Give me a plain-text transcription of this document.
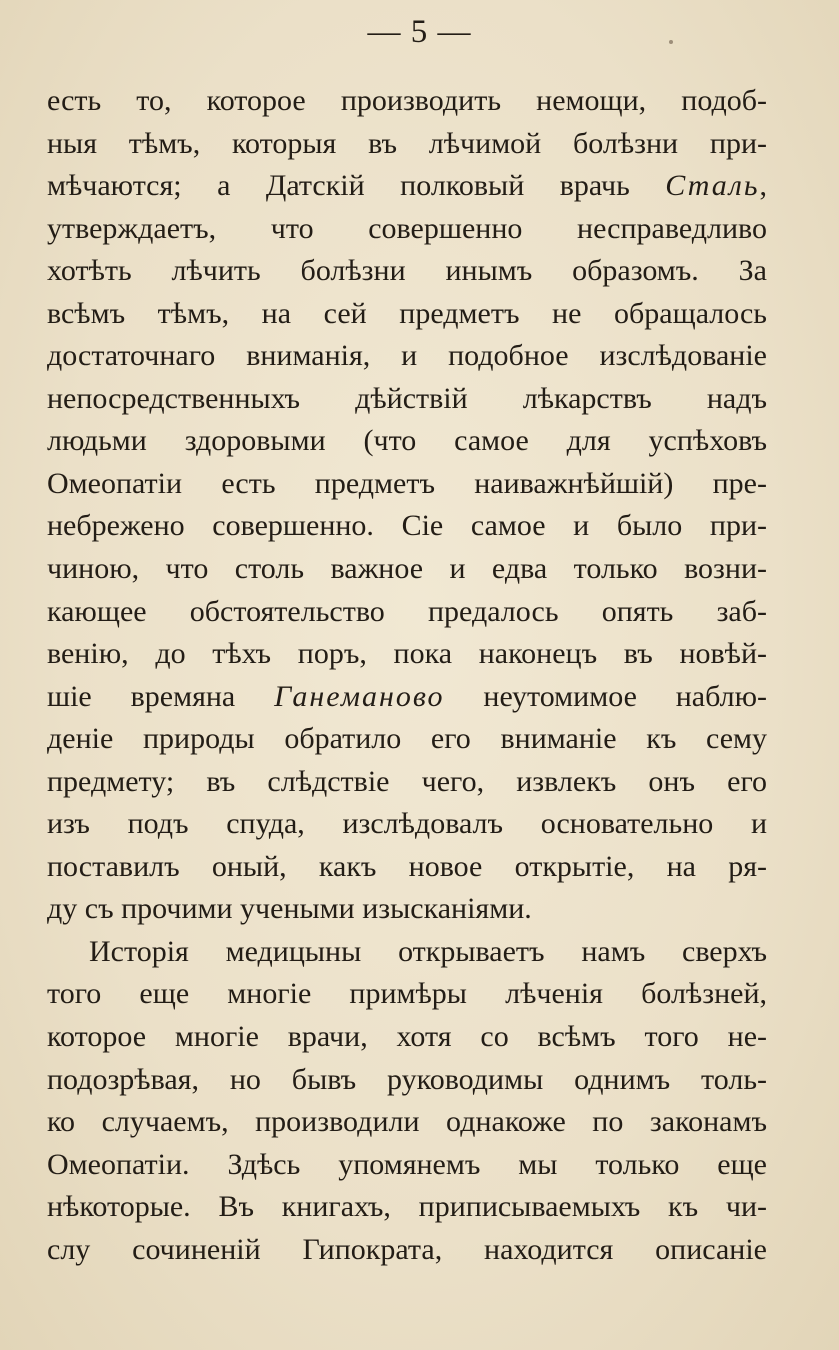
— 5 —
есть то, которое производить немощи, подоб-
ныя тѣмъ, которыя въ лѣчимой болѣзни при-
мѣчаются; а Датскій полковый врачь Сталь,
утверждаетъ, что совершенно несправедливо
хотѣть лѣчить болѣзни инымъ образомъ. За
всѣмъ тѣмъ, на сей предметъ не обращалось
достаточнаго вниманія, и подобное изслѣдованіе
непосредственныхъ дѣйствій лѣкарствъ надъ
людьми здоровыми (что самое для успѣховъ
Омеопатіи есть предметъ наиважнѣйшій) пре-
небрежено совершенно. Сіе самое и было при-
чиною, что столь важное и едва только возни-
кающее обстоятельство предалось опять заб-
венію, до тѣхъ поръ, пока наконецъ въ новѣй-
шіе времяна Ганеманово неутомимое наблю-
деніе природы обратило его вниманіе къ сему
предмету; въ слѣдствіе чего, извлекъ онъ его
изъ подъ спуда, изслѣдовалъ основательно и
поставилъ оный, какъ новое открытіе, на ря-
ду съ прочими учеными изысканіями.
Исторія медицыны открываетъ намъ сверхъ
того еще многіе примѣры лѣченія болѣзней,
которое многіе врачи, хотя со всѣмъ того не-
подозрѣвая, но бывъ руководимы однимъ толь-
ко случаемъ, производили однакоже по законамъ
Омеопатіи. Здѣсь упомянемъ мы только еще
нѣкоторые. Въ книгахъ, приписываемыхъ къ чи-
слу сочиненій Гипократа, находится описаніе
